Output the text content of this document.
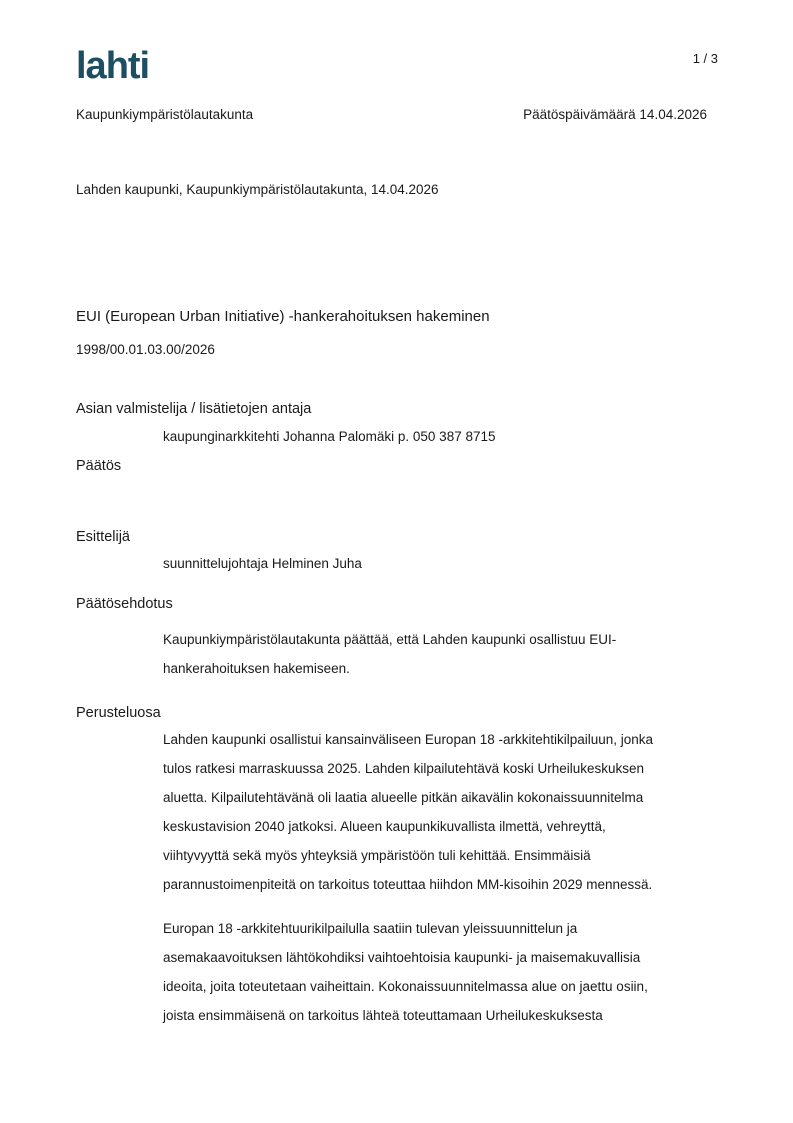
lahti	1 / 3
Kaupunkiympäristölautakunta	Päätöspäivämäärä 14.04.2026
Lahden kaupunki, Kaupunkiympäristölautakunta, 14.04.2026
EUI (European Urban Initiative) -hankerahoituksen hakeminen
1998/00.01.03.00/2026
Asian valmistelija / lisätietojen antaja
kaupunginarkkitehti Johanna Palomäki p. 050 387 8715
Päätös
Esittelijä
suunnittelujohtaja Helminen Juha
Päätösehdotus

Kaupunkiympäristölautakunta päättää, että Lahden kaupunki osallistuu EUI-

hankerahoituksen hakemiseen.

Perusteluosa

Lahden kaupunki osallistui kansainväliseen Europan 18 -arkkitehtikilpailuun, jonka

tulos ratkesi marraskuussa 2025. Lahden kilpailutehtävä koski Urheilukeskuksen

aluetta. Kilpailutehtävänä oli laatia alueelle pitkän aikavälin kokonaissuunnitelma

keskustavision 2040 jatkoksi. Alueen kaupunkikuvallista ilmettä, vehreyttä,

viihtyvyyttä sekä myös yhteyksiä ympäristöön tuli kehittää. Ensimmäisiä

parannustoimenpiteitä on tarkoitus toteuttaa hiihdon MM-kisoihin 2029 mennessä.

Europan 18 -arkkitehtuurikilpailulla saatiin tulevan yleissuunnittelun ja

asemakaavoituksen lähtökohdiksi vaihtoehtoisia kaupunki- ja maisemakuvallisia

ideoita, joita toteutetaan vaiheittain. Kokonaissuunnitelmassa alue on jaettu osiin,

joista ensimmäisenä on tarkoitus lähteä toteuttamaan Urheilukeskuksesta
